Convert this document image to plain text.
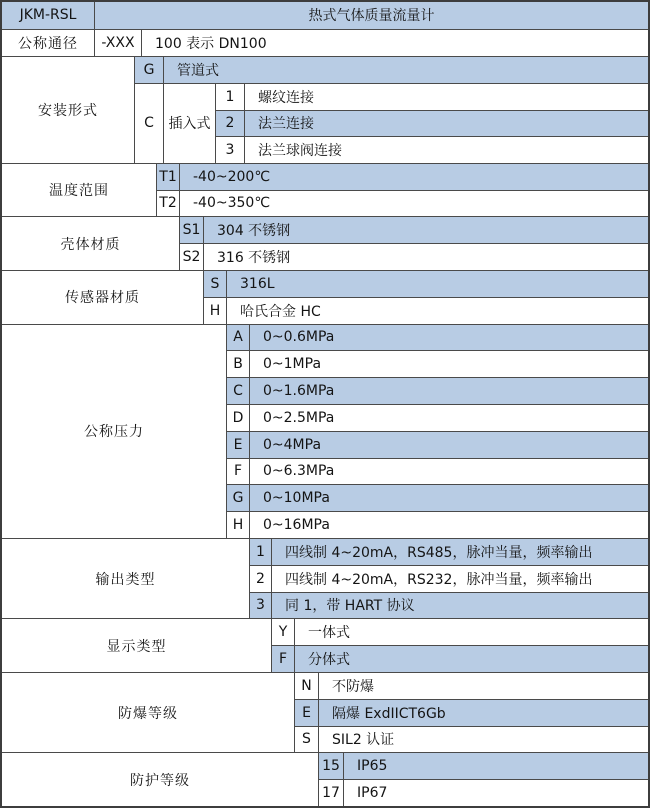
JKM-RSL	热式气体质量流量计
公称通径	-XXX	100 表示 DN100
安装形式
G	管道式
C	插入式
1	螺纹连接
2	法兰连接
3	法兰球阀连接
温度范围
T1	-40~200℃
T2	-40~350℃
壳体材质
S1	304 不锈钢
S2	316 不锈钢
传感器材质
S	316L
H	哈氏合金 HC
公称压力
A	0~0.6MPa
B	0~1MPa
C	0~1.6MPa
D	0~2.5MPa
E	0~4MPa
F	0~6.3MPa
G	0~10MPa
H	0~16MPa
输出类型
1	四线制 4~20mA，RS485，脉冲当量，频率输出
2	四线制 4~20mA，RS232，脉冲当量，频率输出
3	同 1，带 HART 协议
显示类型
Y	一体式
F	分体式
防爆等级
N	不防爆
E	隔爆 ExdIICT6Gb
S	SIL2 认证
防护等级
15	IP65
17	IP67
